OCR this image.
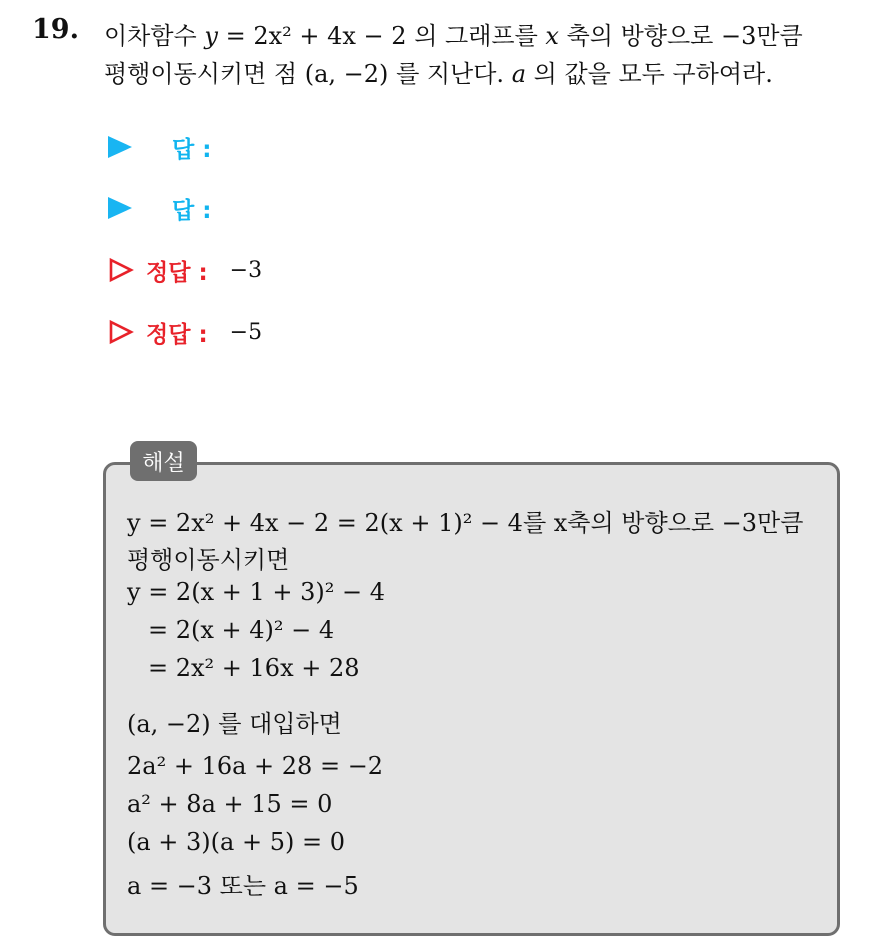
19. 이차함수 y = 2x² + 4x − 2 의 그래프를 x 축의 방향으로 −3만큼
평행이동시키면 점 (a, −2) 를 지난다. a 의 값을 모두 구하여라.
답 :
답 :
정답 : −3
정답 : −5
해설
y = 2x² + 4x − 2 = 2(x + 1)² − 4를 x축의 방향으로 −3만큼
평행이동시키면
y = 2(x + 1 + 3)² − 4
= 2(x + 4)² − 4
= 2x² + 16x + 28
(a, −2) 를 대입하면
2a² + 16a + 28 = −2
a² + 8a + 15 = 0
(a + 3)(a + 5) = 0
a = −3 또는 a = −5
